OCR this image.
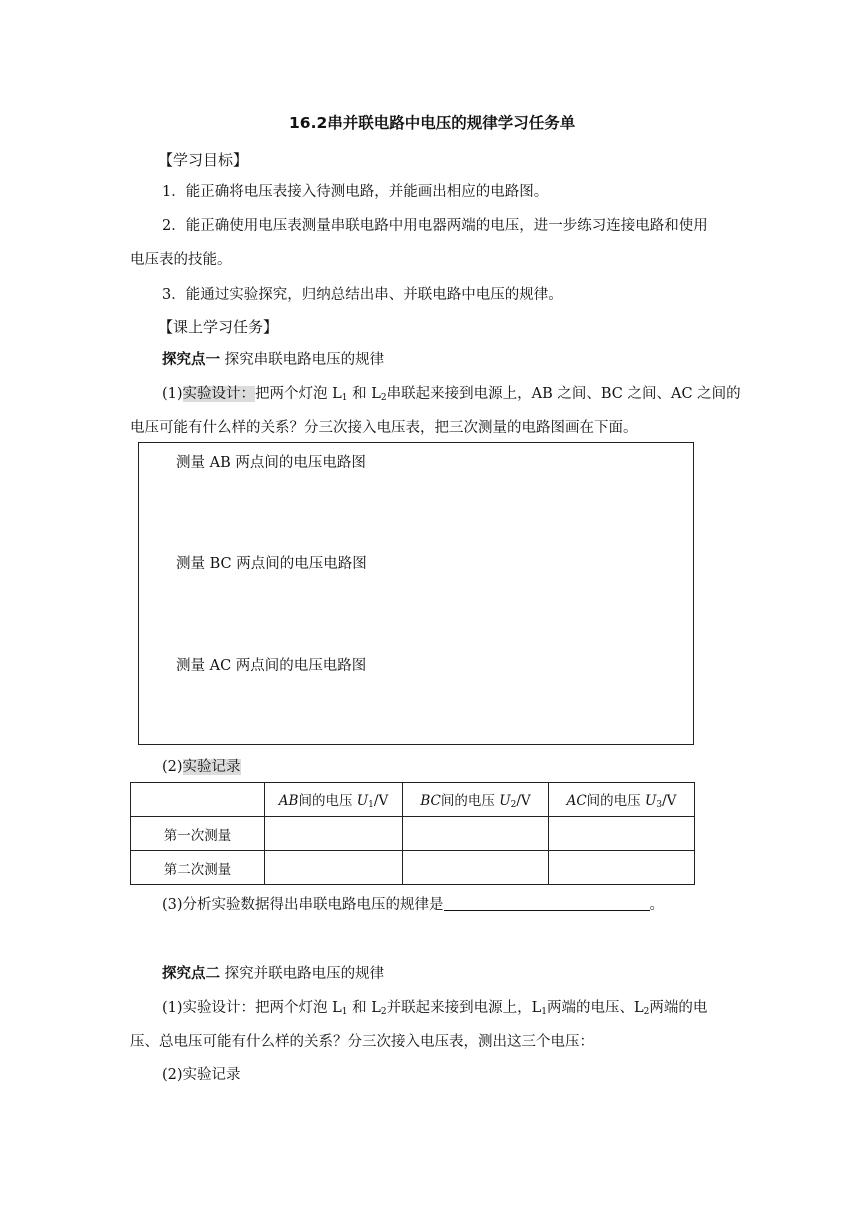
16.2串并联电路中电压的规律学习任务单
【学习目标】
1．能正确将电压表接入待测电路，并能画出相应的电路图。
2．能正确使用电压表测量串联电路中用电器两端的电压，进一步练习连接电路和使用
电压表的技能。
3．能通过实验探究，归纳总结出串、并联电路中电压的规律。
【课上学习任务】
探究点一 探究串联电路电压的规律
(1)实验设计：把两个灯泡 $L_1$ 和 $L_2$串联起来接到电源上，AB 之间、BC 之间、AC 之间的
电压可能有什么样的关系？分三次接入电压表，把三次测量的电路图画在下面。
测量 AB 两点间的电压电路图
测量 BC 两点间的电压电路图
测量 AC 两点间的电压电路图
(2)实验记录
	AB间的电压 $U_1/V$	BC间的电压 $U_2/V$	AC间的电压 $U_3/V$
第一次测量			
第二次测量			
(3)分析实验数据得出串联电路电压的规律是	。
探究点二 探究并联电路电压的规律
(1)实验设计：把两个灯泡 $L_1$ 和 $L_2$并联起来接到电源上，$L_1$两端的电压、$L_2$两端的电
压、总电压可能有什么样的关系？分三次接入电压表，测出这三个电压：
(2)实验记录
